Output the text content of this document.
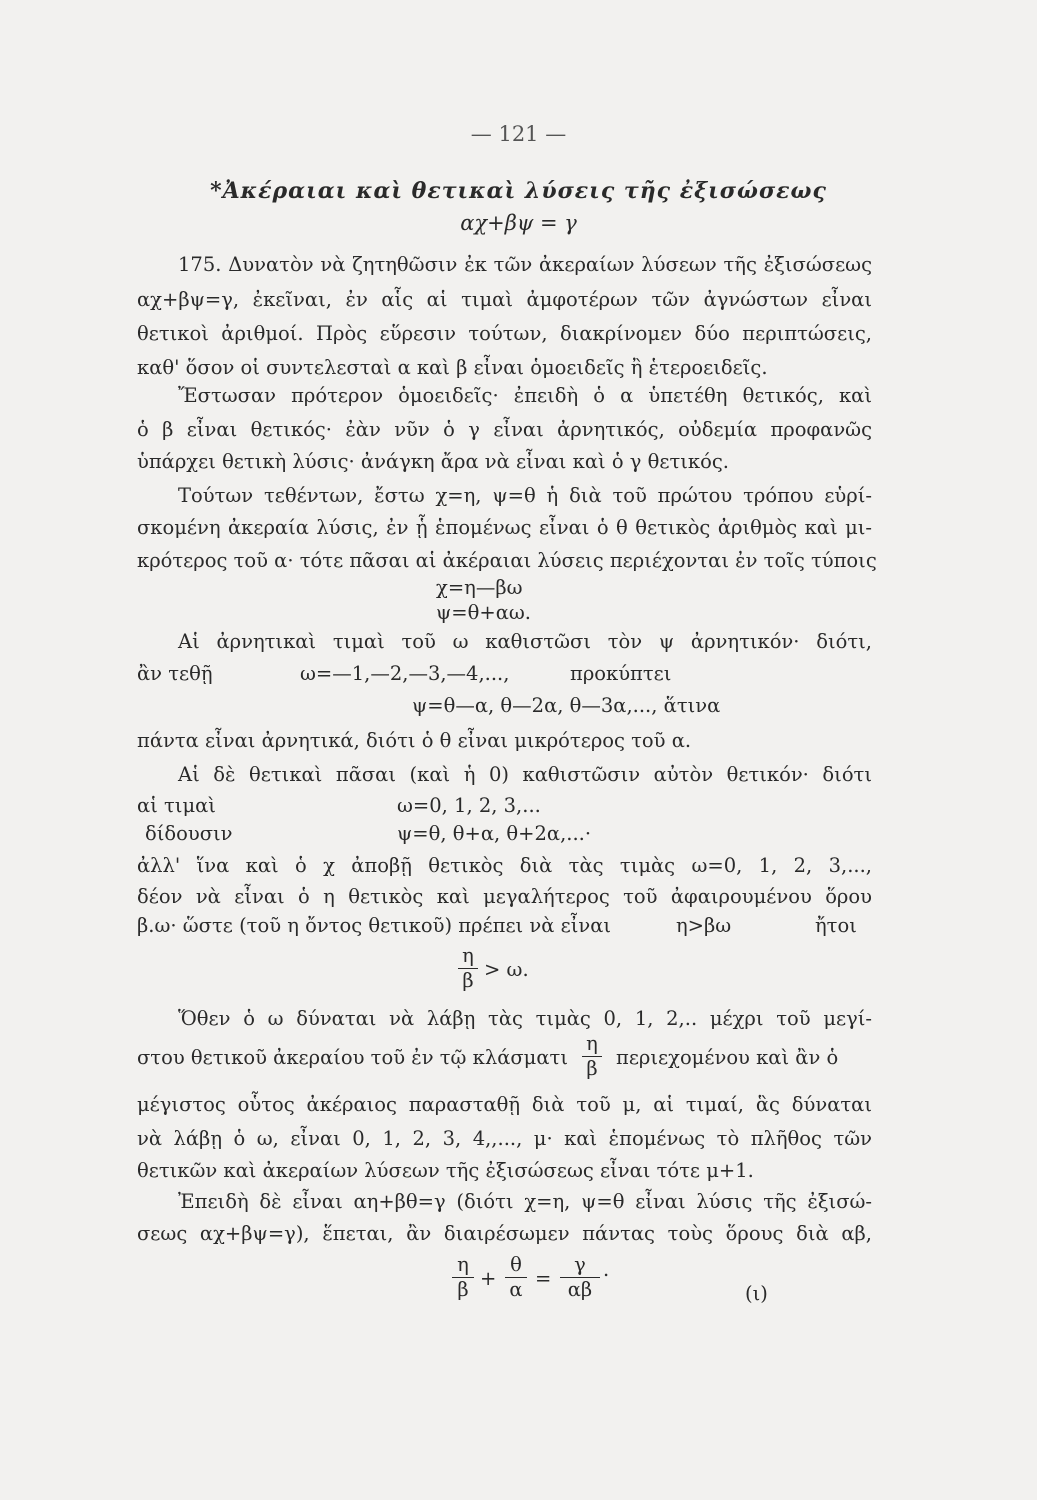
— 121 —
*Ἀκέραιαι καὶ θετικαὶ λύσεις τῆς ἐξισώσεως
αχ+βψ = γ
175. Δυνατὸν νὰ ζητηθῶσιν ἐκ τῶν ἀκεραίων λύσεων τῆς ἐξισώσεως
αχ+βψ=γ, ἐκεῖναι, ἐν αἷς αἱ τιμαὶ ἀμφοτέρων τῶν ἀγνώστων εἶναι
θετικοὶ ἀριθμοί. Πρὸς εὕρεσιν τούτων, διακρίνομεν δύο περιπτώσεις,
καθ' ὅσον οἱ συντελεσταὶ α καὶ β εἶναι ὁμοειδεῖς ἢ ἑτεροειδεῖς.
Ἔστωσαν πρότερον ὁμοειδεῖς· ἐπειδὴ ὁ α ὑπετέθη θετικός, καὶ
ὁ β εἶναι θετικός· ἐὰν νῦν ὁ γ εἶναι ἀρνητικός, οὐδεμία προφανῶς
ὑπάρχει θετικὴ λύσις· ἀνάγκη ἄρα νὰ εἶναι καὶ ὁ γ θετικός.
Τούτων τεθέντων, ἔστω χ=η, ψ=θ ἡ διὰ τοῦ πρώτου τρόπου εὑρί-
σκομένη ἀκεραία λύσις, ἐν ᾗ ἑπομένως εἶναι ὁ θ θετικὸς ἀριθμὸς καὶ μι-
κρότερος τοῦ α· τότε πᾶσαι αἱ ἀκέραιαι λύσεις περιέχονται ἐν τοῖς τύποις
χ=η—βω
ψ=θ+αω.
Αἱ ἀρνητικαὶ τιμαὶ τοῦ ω καθιστῶσι τὸν ψ ἀρνητικόν· διότι,
ἂν τεθῇ	ω=—1,—2,—3,—4,...,	προκύπτει
ψ=θ—α, θ—2α, θ—3α,..., ἅτινα
πάντα εἶναι ἀρνητικά, διότι ὁ θ εἶναι μικρότερος τοῦ α.
Αἱ δὲ θετικαὶ πᾶσαι (καὶ ἡ 0) καθιστῶσιν αὐτὸν θετικόν· διότι
αἱ τιμαὶ	ω=0, 1, 2, 3,...
δίδουσιν	ψ=θ, θ+α, θ+2α,...·
ἀλλ' ἵνα καὶ ὁ χ ἀποβῇ θετικὸς διὰ τὰς τιμὰς ω=0, 1, 2, 3,...,
δέον νὰ εἶναι ὁ η θετικὸς καὶ μεγαλήτερος τοῦ ἀφαιρουμένου ὅρου
β.ω· ὥστε (τοῦ η ὄντος θετικοῦ) πρέπει νὰ εἶναι	η>βω	ἤτοι
η
β > ω.
Ὅθεν ὁ ω δύναται νὰ λάβῃ τὰς τιμὰς 0, 1, 2,.. μέχρι τοῦ μεγί-
στου θετικοῦ ἀκεραίου τοῦ ἐν τῷ κλάσματι
η
β περιεχομένου καὶ ἂν ὁ
μέγιστος οὗτος ἀκέραιος παρασταθῇ διὰ τοῦ μ, αἱ τιμαί, ἃς δύναται
νὰ λάβῃ ὁ ω, εἶναι 0, 1, 2, 3, 4,,..., μ· καὶ ἑπομένως τὸ πλῆθος τῶν
θετικῶν καὶ ἀκεραίων λύσεων τῆς ἐξισώσεως εἶναι τότε μ+1.
Ἐπειδὴ δὲ εἶναι αη+βθ=γ (διότι χ=η, ψ=θ εἶναι λύσις τῆς ἐξισώ-
σεως αχ+βψ=γ), ἕπεται, ἂν διαιρέσωμεν πάντας τοὺς ὅρους διὰ αβ,
η
β +
θ
α =
γ
αβ
.
(ι)
